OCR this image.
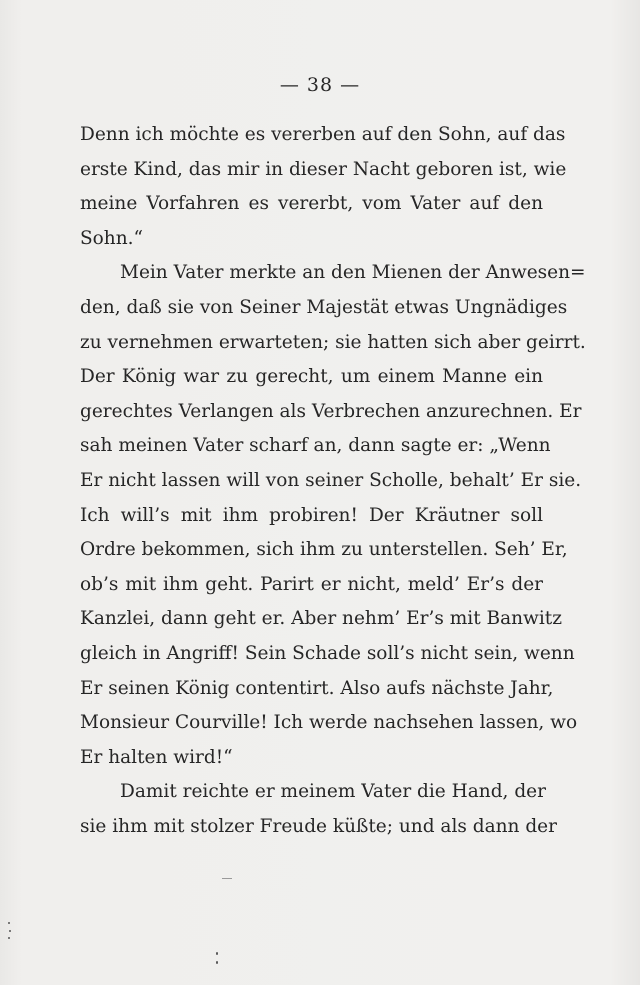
— 38 —
Denn ich möchte es vererben auf den Sohn, auf das
erste Kind, das mir in dieser Nacht geboren ist, wie
meine Vorfahren es vererbt, vom Vater auf den
Sohn.“
Mein Vater merkte an den Mienen der Anwesen=
den, daß sie von Seiner Majestät etwas Ungnädiges
zu vernehmen erwarteten; sie hatten sich aber geirrt.
Der König war zu gerecht, um einem Manne ein
gerechtes Verlangen als Verbrechen anzurechnen. Er
sah meinen Vater scharf an, dann sagte er: „Wenn
Er nicht lassen will von seiner Scholle, behalt’ Er sie.
Ich will’s mit ihm probiren! Der Kräutner soll
Ordre bekommen, sich ihm zu unterstellen. Seh’ Er,
ob’s mit ihm geht. Parirt er nicht, meld’ Er’s der
Kanzlei, dann geht er. Aber nehm’ Er’s mit Banwitz
gleich in Angriff! Sein Schade soll’s nicht sein, wenn
Er seinen König contentirt. Also aufs nächste Jahr,
Monsieur Courville! Ich werde nachsehen lassen, wo
Er halten wird!“
Damit reichte er meinem Vater die Hand, der
sie ihm mit stolzer Freude küßte; und als dann der
